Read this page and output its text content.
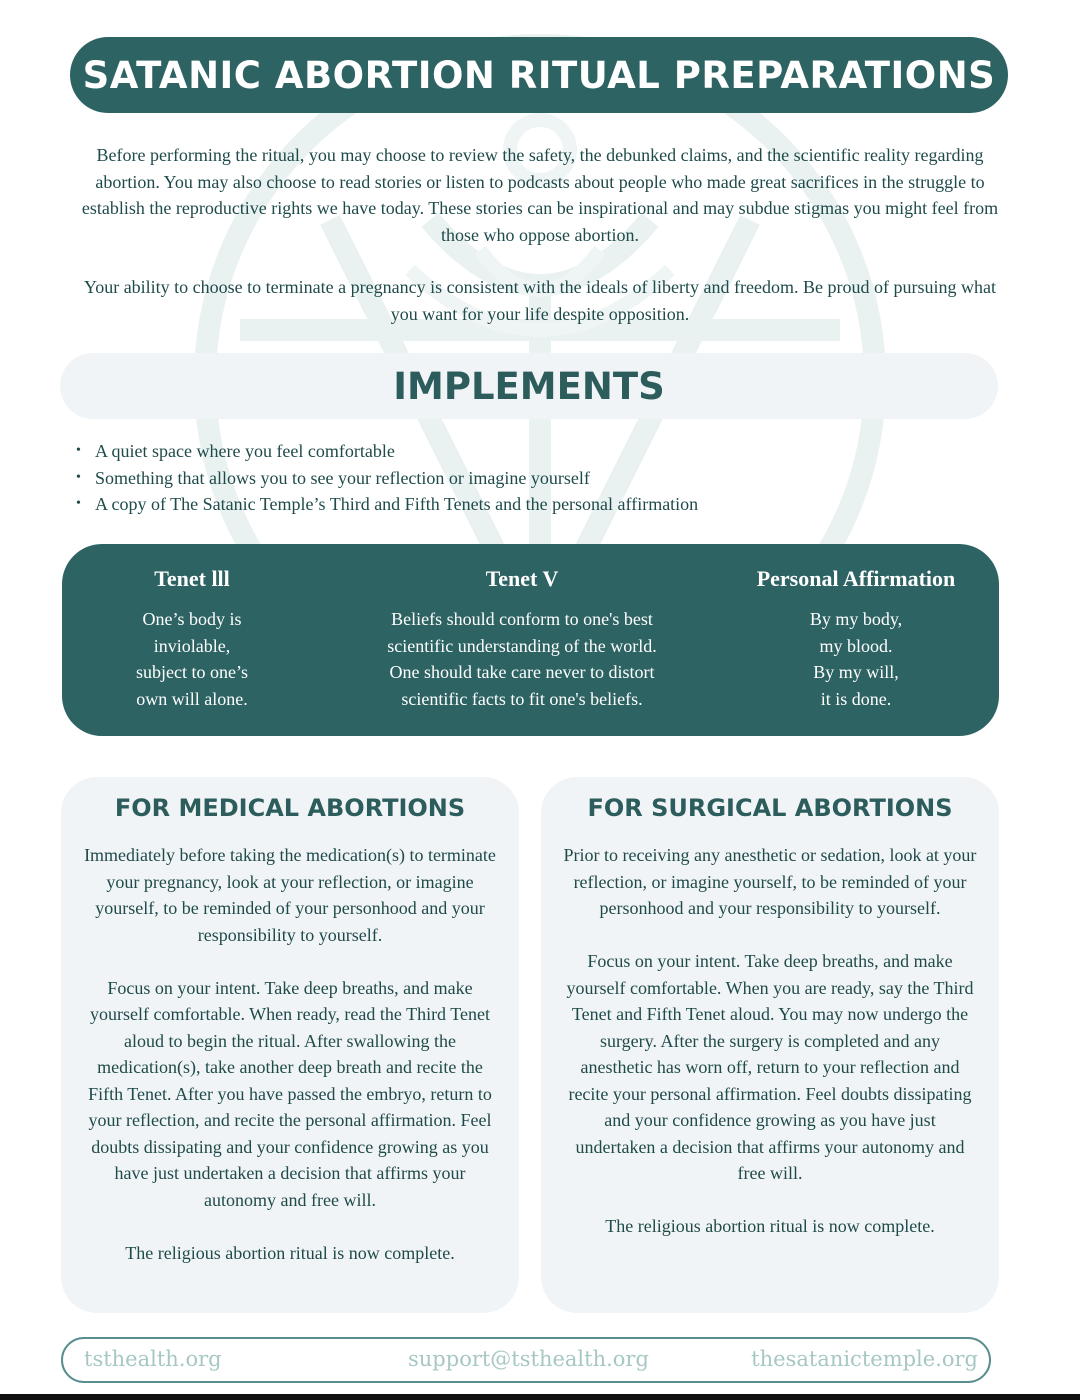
SATANIC ABORTION RITUAL PREPARATIONS

Before performing the ritual, you may choose to review the safety, the debunked claims, and the scientific reality regarding abortion. You may also choose to read stories or listen to podcasts about people who made great sacrifices in the struggle to establish the reproductive rights we have today. These stories can be inspirational and may subdue stigmas you might feel from those who oppose abortion.

Your ability to choose to terminate a pregnancy is consistent with the ideals of liberty and freedom. Be proud of pursuing what you want for your life despite opposition.

IMPLEMENTS
• A quiet space where you feel comfortable
• Something that allows you to see your reflection or imagine yourself
• A copy of The Satanic Temple’s Third and Fifth Tenets and the personal affirmation
Tenet lll
One’s body is
inviolable,
subject to one’s
own will alone.
Tenet V
Beliefs should conform to one's best
scientific understanding of the world.
One should take care never to distort
scientific facts to fit one's beliefs.
Personal Affirmation
By my body,
my blood.
By my will,
it is done.
FOR MEDICAL ABORTIONS

Immediately before taking the medication(s) to terminate your pregnancy, look at your reflection, or imagine yourself, to be reminded of your personhood and your responsibility to yourself.

Focus on your intent. Take deep breaths, and make yourself comfortable. When ready, read the Third Tenet aloud to begin the ritual. After swallowing the medication(s), take another deep breath and recite the Fifth Tenet. After you have passed the embryo, return to your reflection, and recite the personal affirmation. Feel doubts dissipating and your confidence growing as you have just undertaken a decision that affirms your autonomy and free will.

The religious abortion ritual is now complete.

FOR SURGICAL ABORTIONS

Prior to receiving any anesthetic or sedation, look at your reflection, or imagine yourself, to be reminded of your personhood and your responsibility to yourself.

Focus on your intent. Take deep breaths, and make yourself comfortable. When you are ready, say the Third Tenet and Fifth Tenet aloud. You may now undergo the surgery. After the surgery is completed and any anesthetic has worn off, return to your reflection and recite your personal affirmation. Feel doubts dissipating and your confidence growing as you have just undertaken a decision that affirms your autonomy and free will.

The religious abortion ritual is now complete.

tsthealth.org	support@tsthealth.org	thesatanictemple.org
